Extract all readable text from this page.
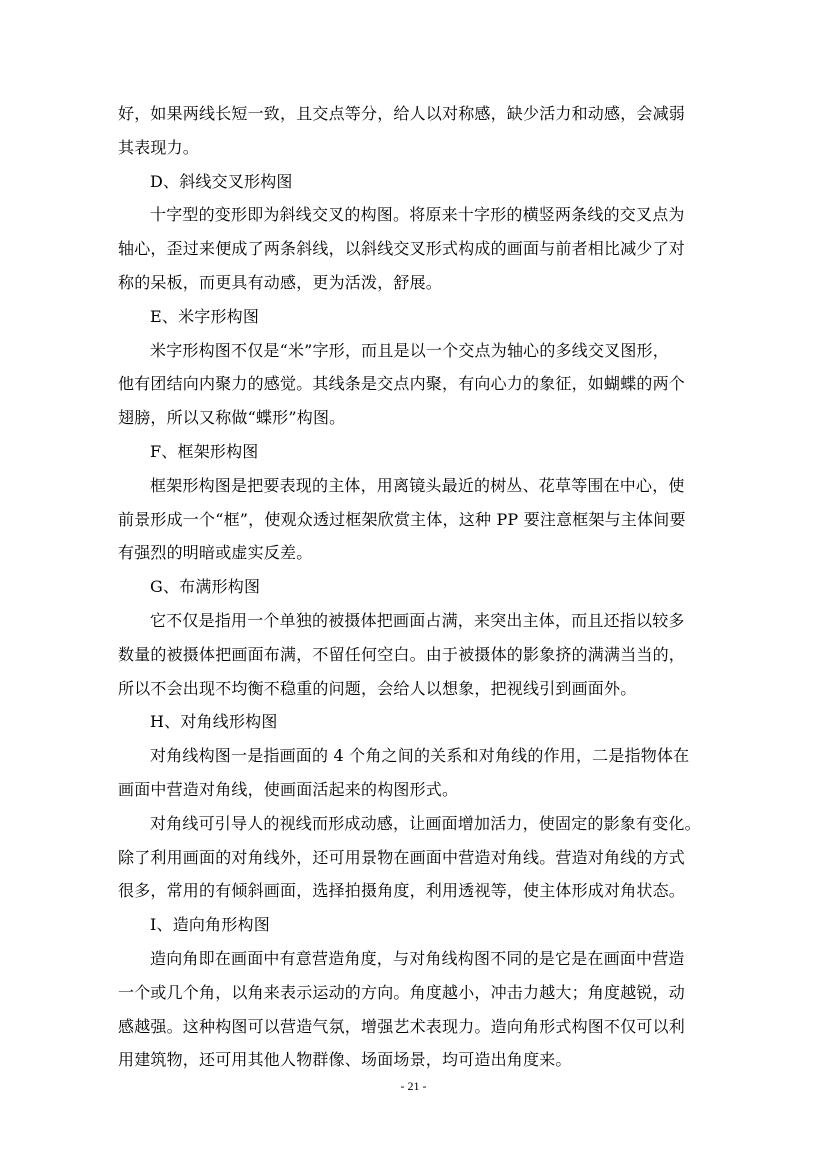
好，如果两线长短一致，且交点等分，给人以对称感，缺少活力和动感，会减弱
其表现力。
D、斜线交叉形构图
十字型的变形即为斜线交叉的构图。将原来十字形的横竖两条线的交叉点为
轴心，歪过来便成了两条斜线，以斜线交叉形式构成的画面与前者相比减少了对
称的呆板，而更具有动感，更为活泼，舒展。
E、米字形构图
米字形构图不仅是“米”字形，而且是以一个交点为轴心的多线交叉图形，
他有团结向内聚力的感觉。其线条是交点内聚，有向心力的象征，如蝴蝶的两个
翅膀，所以又称做“蝶形”构图。
F、框架形构图
框架形构图是把要表现的主体，用离镜头最近的树丛、花草等围在中心，使
前景形成一个“框”，使观众透过框架欣赏主体，这种 PP 要注意框架与主体间要
有强烈的明暗或虚实反差。
G、布满形构图
它不仅是指用一个单独的被摄体把画面占满，来突出主体，而且还指以较多
数量的被摄体把画面布满，不留任何空白。由于被摄体的影象挤的满满当当的，
所以不会出现不均衡不稳重的问题，会给人以想象，把视线引到画面外。
H、对角线形构图
对角线构图一是指画面的 4 个角之间的关系和对角线的作用，二是指物体在
画面中营造对角线，使画面活起来的构图形式。
对角线可引导人的视线而形成动感，让画面增加活力，使固定的影象有变化。
除了利用画面的对角线外，还可用景物在画面中营造对角线。营造对角线的方式
很多，常用的有倾斜画面，选择拍摄角度，利用透视等，使主体形成对角状态。
I、造向角形构图
造向角即在画面中有意营造角度，与对角线构图不同的是它是在画面中营造
一个或几个角，以角来表示运动的方向。角度越小，冲击力越大；角度越锐，动
感越强。这种构图可以营造气氛，增强艺术表现力。造向角形式构图不仅可以利
用建筑物，还可用其他人物群像、场面场景，均可造出角度来。
- 21 -
